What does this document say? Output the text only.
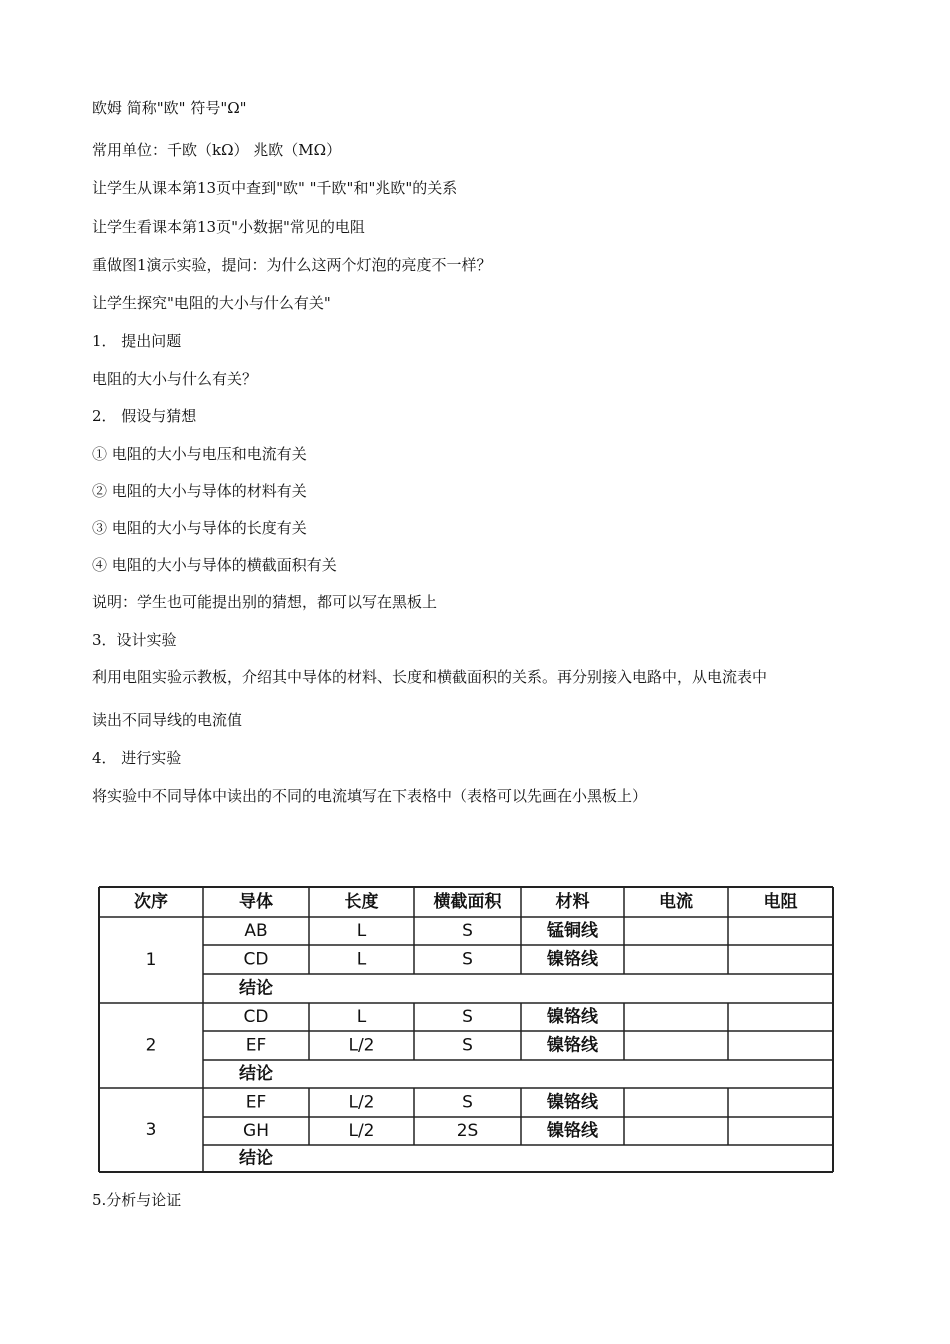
欧姆 简称"欧" 符号"Ω"
常用单位：千欧（kΩ） 兆欧（MΩ）
让学生从课本第13页中查到"欧" "千欧"和"兆欧"的关系
让学生看课本第13页"小数据"常见的电阻
重做图1演示实验，提问：为什么这两个灯泡的亮度不一样？
让学生探究"电阻的大小与什么有关"
1． 提出问题
电阻的大小与什么有关？
2． 假设与猜想
① 电阻的大小与电压和电流有关
② 电阻的大小与导体的材料有关
③ 电阻的大小与导体的长度有关
④ 电阻的大小与导体的横截面积有关
说明：学生也可能提出别的猜想，都可以写在黑板上
3．设计实验
利用电阻实验示教板，介绍其中导体的材料、长度和横截面积的关系。再分别接入电路中，从电流表中
读出不同导线的电流值
4． 进行实验
将实验中不同导体中读出的不同的电流填写在下表格中（表格可以先画在小黑板上）
次序	导体	长度	横截面积	材料	电流	电阻
1
AB	L	S	锰铜线
CD	L	S	镍铬线
结论
2
CD	L	S	镍铬线
EF	L/2	S	镍铬线
结论
3
EF	L/2	S	镍铬线
GH	L/2	2S	镍铬线
结论
5.分析与论证
